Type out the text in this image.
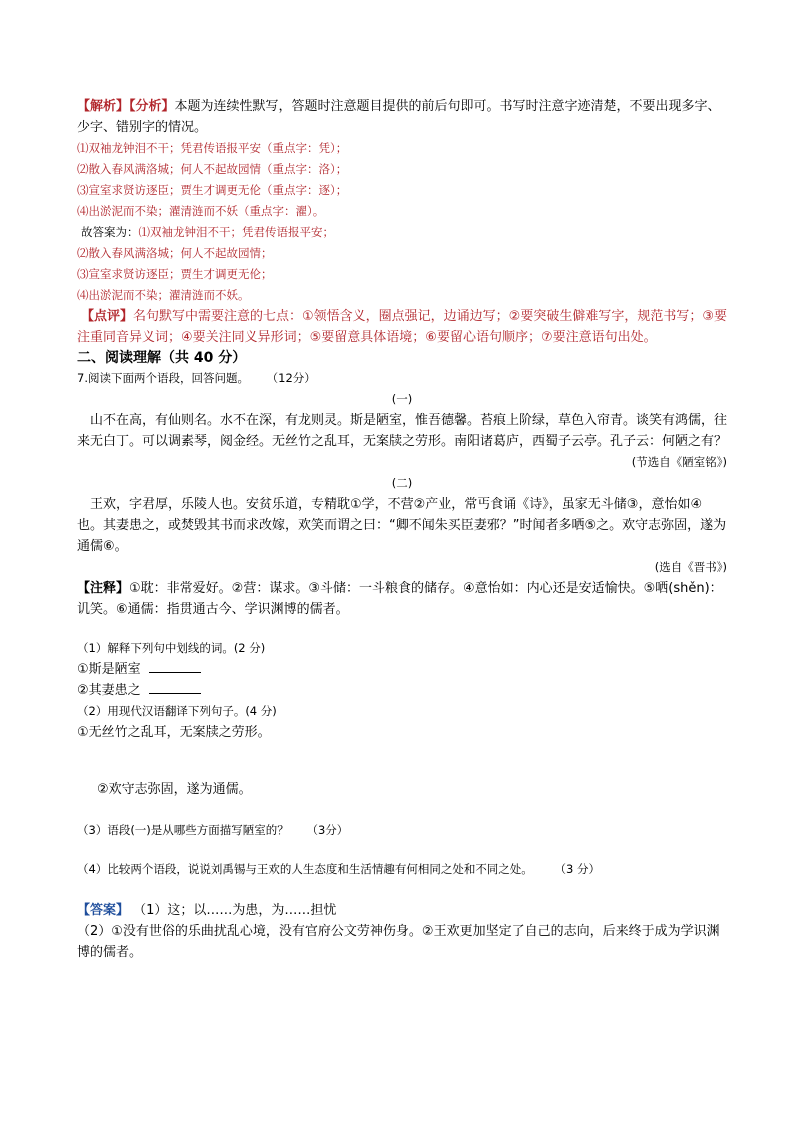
【解析】【分析】本题为连续性默写，答题时注意题目提供的前后句即可。书写时注意字迹清楚，不要出现多字、少字、错别字的情况。

⑴双袖龙钟泪不干；凭君传语报平安（重点字：凭）；

⑵散入春风满洛城；何人不起故园情（重点字：洛）；

⑶宣室求贤访逐臣；贾生才调更无伦（重点字：逐）；

⑷出淤泥而不染；濯清涟而不妖（重点字：濯）。

故答案为：⑴双袖龙钟泪不干；凭君传语报平安；

⑵散入春风满洛城；何人不起故园情；

⑶宣室求贤访逐臣；贾生才调更无伦；

⑷出淤泥而不染；濯清涟而不妖。

【点评】名句默写中需要注意的七点：①领悟含义，圈点强记，边诵边写；②要突破生僻难写字，规范书写；③要注重同音异义词；④要关注同义异形词；⑤要留意具体语境；⑥要留心语句顺序；⑦要注意语句出处。

二、阅读理解（共 40 分）

7.阅读下面两个语段，回答问题。 （12分）

(一)

山不在高，有仙则名。水不在深，有龙则灵。斯是陋室，惟吾德馨。苔痕上阶绿，草色入帘青。谈笑有鸿儒，往来无白丁。可以调素琴，阅金经。无丝竹之乱耳，无案牍之劳形。南阳诸葛庐，西蜀子云亭。孔子云：何陋之有？

(节选自《陋室铭》)

(二)

王欢，字君厚，乐陵人也。安贫乐道，专精耽①学，不营②产业，常丐食诵《诗》，虽家无斗储③，意怡如④也。其妻患之，或焚毁其书而求改嫁，欢笑而谓之曰：“卿不闻朱买臣妻邪？”时闻者多哂⑤之。欢守志弥固，遂为通儒⑥。

(选自《晋书》)

【注释】①耽：非常爱好。②营：谋求。③斗储：一斗粮食的储存。④意怡如：内心还是安适愉快。⑤哂(shěn)：讥笑。⑥通儒：指贯通古今、学识渊博的儒者。

（1）解释下列句中划线的词。(2 分)

①斯是陋室

②其妻患之

（2）用现代汉语翻译下列句子。(4 分)

①无丝竹之乱耳，无案牍之劳形。

②欢守志弥固，遂为通儒。

（3）语段(一)是从哪些方面描写陋室的？ （3分）

（4）比较两个语段，说说刘禹锡与王欢的人生态度和生活情趣有何相同之处和不同之处。 （3 分）

【答案】 （1）这；以……为患，为……担忧

（2）①没有世俗的乐曲扰乱心境，没有官府公文劳神伤身。②王欢更加坚定了自己的志向，后来终于成为学识渊博的儒者。
